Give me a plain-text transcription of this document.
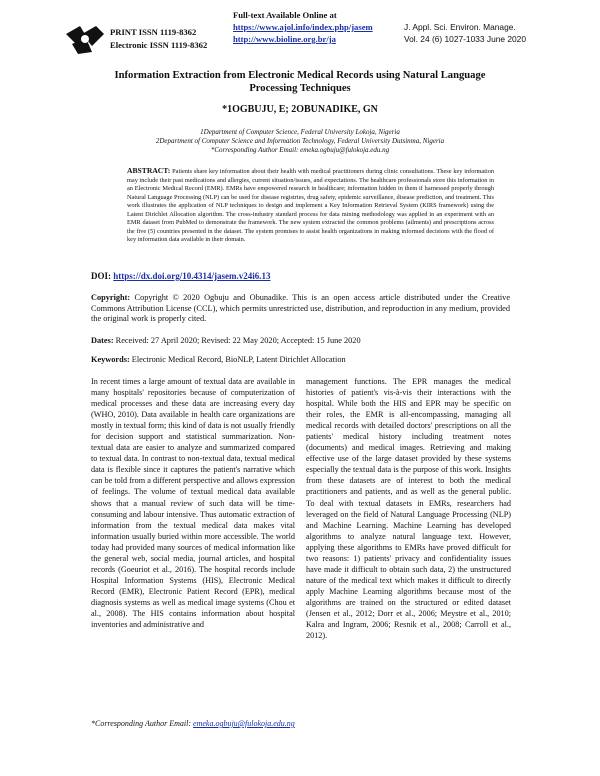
PRINT ISSN 1119-8362
Electronic ISSN 1119-8362
Full-text Available Online at
https://www.ajol.info/index.php/jasem
http://www.bioline.org.br/ja
J. Appl. Sci. Environ. Manage.
Vol. 24 (6) 1027-1033 June 2020
Information Extraction from Electronic Medical Records using Natural Language
Processing Techniques
*1OGBUJU, E; 2OBUNADIKE, GN
1Department of Computer Science, Federal University Lokoja, Nigeria
2Department of Computer Science and Information Technology, Federal University Dutsinma, Nigeria
*Corresponding Author Email: emeka.ogbuju@fulokoja.edu.ng
ABSTRACT: Patients share key information about their health with medical practitioners during clinic consultations. These key information may include their past medications and allergies, current situation/issues, and expectations. The healthcare professionals store this information in an Electronic Medical Record (EMR). EMRs have empowered research in healthcare; information hidden in them if harnessed properly through Natural Language Processing (NLP) can be used for disease registries, drug safety, epidemic surveillance, disease prediction, and treatment. This work illustrates the application of NLP techniques to design and implement a Key Information Retrieval System (KIRS framework) using the Latent Dirichlet Allocation algorithm. The cross-industry standard process for data mining methodology was applied in an experiment with an EMR dataset from PubMed to demonstrate the framework. The new system extracted the common problems (ailments) and prescriptions across the five (5) countries presented in the dataset. The system promises to assist health organizations in making informed decisions with the flood of key information data available in their domain.
DOI: https://dx.doi.org/10.4314/jasem.v24i6.13
Copyright: Copyright © 2020 Ogbuju and Obunadike. This is an open access article distributed under the Creative Commons Attribution License (CCL), which permits unrestricted use, distribution, and reproduction in any medium, provided the original work is properly cited.
Dates: Received: 27 April 2020; Revised: 22 May 2020; Accepted: 15 June 2020
Keywords: Electronic Medical Record, BioNLP, Latent Dirichlet Allocation

In recent times a large amount of textual data are available in many hospitals' repositories because of computerization of medical processes and these data are increasing every day (WHO, 2010). Data available in health care organizations are mostly in textual form; this kind of data is not usually friendly for decision support and statistical summarization. Non-textual data are easier to analyze and summarized compared to textual data. In contrast to non-textual data, textual medical data is flexible since it captures the patient's narrative which can be told from a different perspective and allows expression of feelings. The volume of textual medical data available shows that a manual review of such data will be time-consuming and labour intensive. Thus automatic extraction of information from the textual medical data makes vital information usually buried within more accessible. The world today had provided many sources of medical information like the general web, social media, journal articles, and hospital records (Goeuriot et al., 2016). The hospital records include Hospital Information Systems (HIS), Electronic Medical Record (EMR), Electronic Patient Record (EPR), medical diagnosis systems as well as medical image systems (Chou et al., 2008). The HIS contains information about hospital inventories and administrative and

management functions. The EPR manages the medical histories of patient's vis-à-vis their interactions with the hospital. While both the HIS and EPR may be specific on their roles, the EMR is all-encompassing, managing all medical records with detailed doctors' prescriptions on all the patients' medical history including treatment notes (documents) and medical images. Retrieving and making effective use of the large dataset provided by these systems especially the textual data is the purpose of this work. Insights from these datasets are of interest to both the medical practitioners and patients, and as well as the general public. To deal with textual datasets in EMRs, researchers had leveraged on the field of Natural Language Processing (NLP) and Machine Learning. Machine Learning has developed algorithms to analyze natural language text. However, applying these algorithms to EMRs have proved difficult for two reasons: 1) patients' privacy and confidentiality issues have made it difficult to obtain such data, 2) the unstructured nature of the medical text which makes it difficult to directly apply Machine Learning algorithms because most of the algorithms are trained on the structured or edited dataset (Jensen et al., 2012; Dorr et al., 2006; Meystre et al., 2010; Kalra and Ingram, 2006; Resnik et al., 2008; Carroll et al., 2012).

*Corresponding Author Email: emeka.ogbuju@fulokoja.edu.ng
